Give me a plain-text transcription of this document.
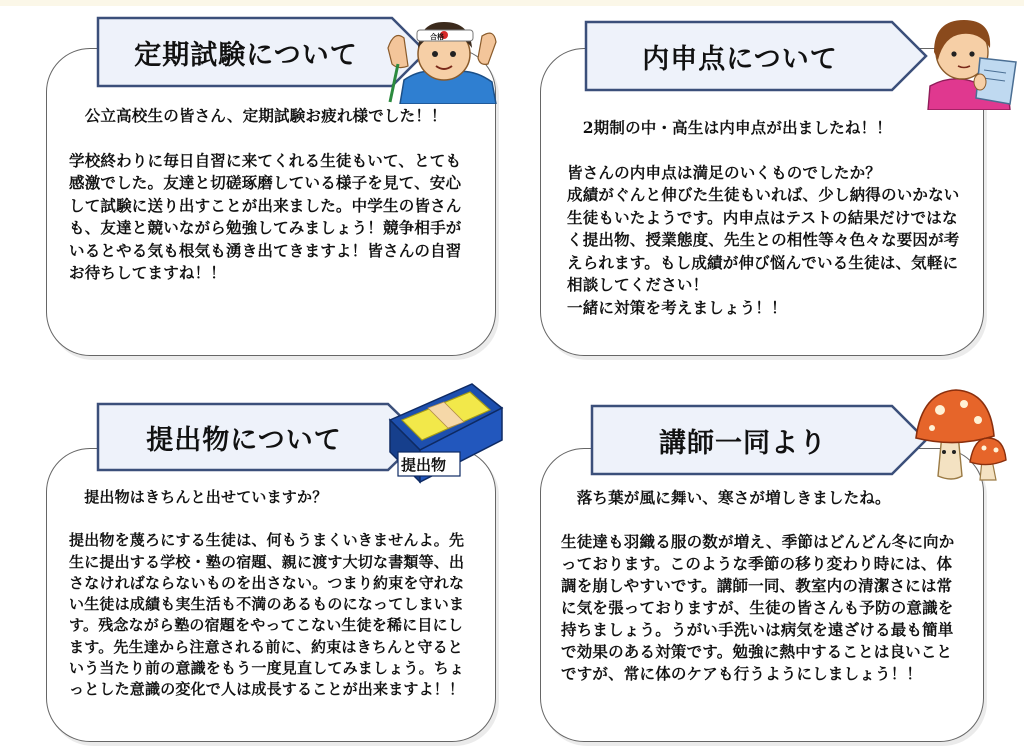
　公立高校生の皆さん、定期試験お疲れ様でした！！

学校終わりに毎日自習に来てくれる生徒もいて、とても感激でした。友達と切磋琢磨している様子を見て、安心して試験に送り出すことが出来ました。中学生の皆さんも、友達と競いながら勉強してみましょう！競争相手がいるとやる気も根気も湧き出てきますよ！皆さんの自習お待ちしてますね！！

定期試験について
合格

　2期制の中・高生は内申点が出ましたね！！

皆さんの内申点は満足のいくものでしたか？
成績がぐんと伸びた生徒もいれば、少し納得のいかない生徒もいたようです。内申点はテストの結果だけではなく提出物、授業態度、先生との相性等々色々な要因が考えられます。もし成績が伸び悩んでいる生徒は、気軽に相談してください！
一緒に対策を考えましょう！！

内申点について

　提出物はきちんと出せていますか？

提出物を蔑ろにする生徒は、何もうまくいきませんよ。先生に提出する学校・塾の宿題、親に渡す大切な書類等、出さなければならないものを出さない。つまり約束を守れない生徒は成績も実生活も不満のあるものになってしまいます。残念ながら塾の宿題をやってこない生徒を稀に目にします。先生達から注意される前に、約束はきちんと守るという当たり前の意識をもう一度見直してみましょう。ちょっとした意識の変化で人は成長することが出来ますよ！！

提出物について
提出物

　落ち葉が風に舞い、寒さが増しきましたね。

生徒達も羽織る服の数が増え、季節はどんどん冬に向かっております。このような季節の移り変わり時には、体調を崩しやすいです。講師一同、教室内の清潔さには常に気を張っておりますが、生徒の皆さんも予防の意識を持ちましょう。うがい手洗いは病気を遠ざける最も簡単で効果のある対策です。勉強に熱中することは良いことですが、常に体のケアも行うようにしましょう！！

講師一同より
